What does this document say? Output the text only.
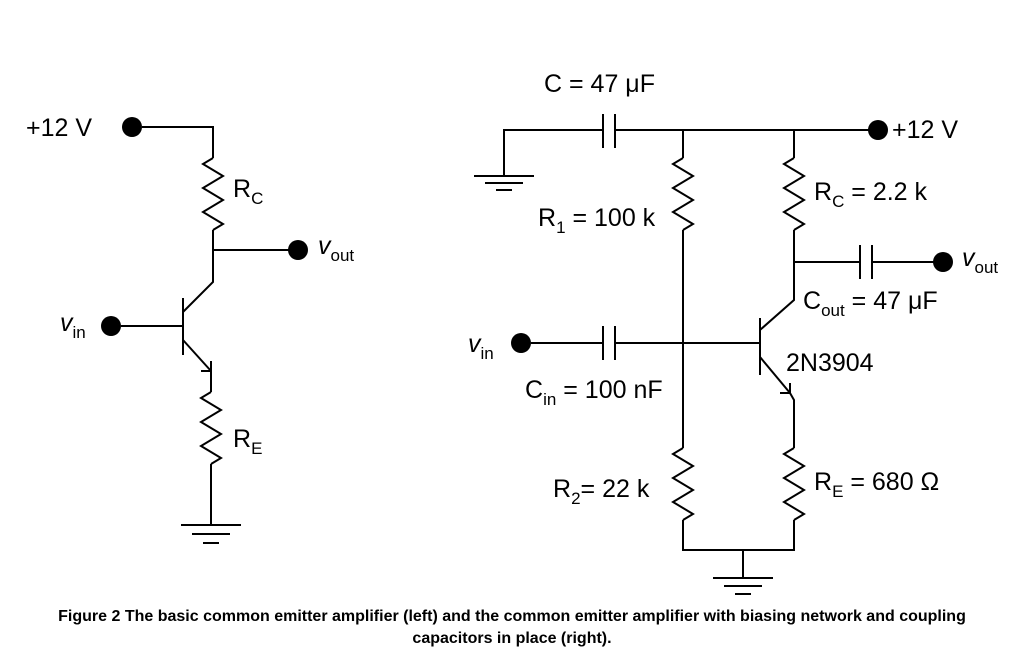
+12 V
$R_C$
$R_E$
$v_{out}$
$v_{in}$
C = 47 μF
+12 V
$R_1 = 100$ k
$R_C = 2.2$ k
$v_{out}$
$C_{out} = 47$ μF
$v_{in}$
$C_{in} = 100$ nF
2N3904
$R_2= 22$ k	$R_E = 680$ Ω
Figure 2 The basic common emitter amplifier (left) and the common emitter amplifier with biasing network and coupling
capacitors in place (right).
